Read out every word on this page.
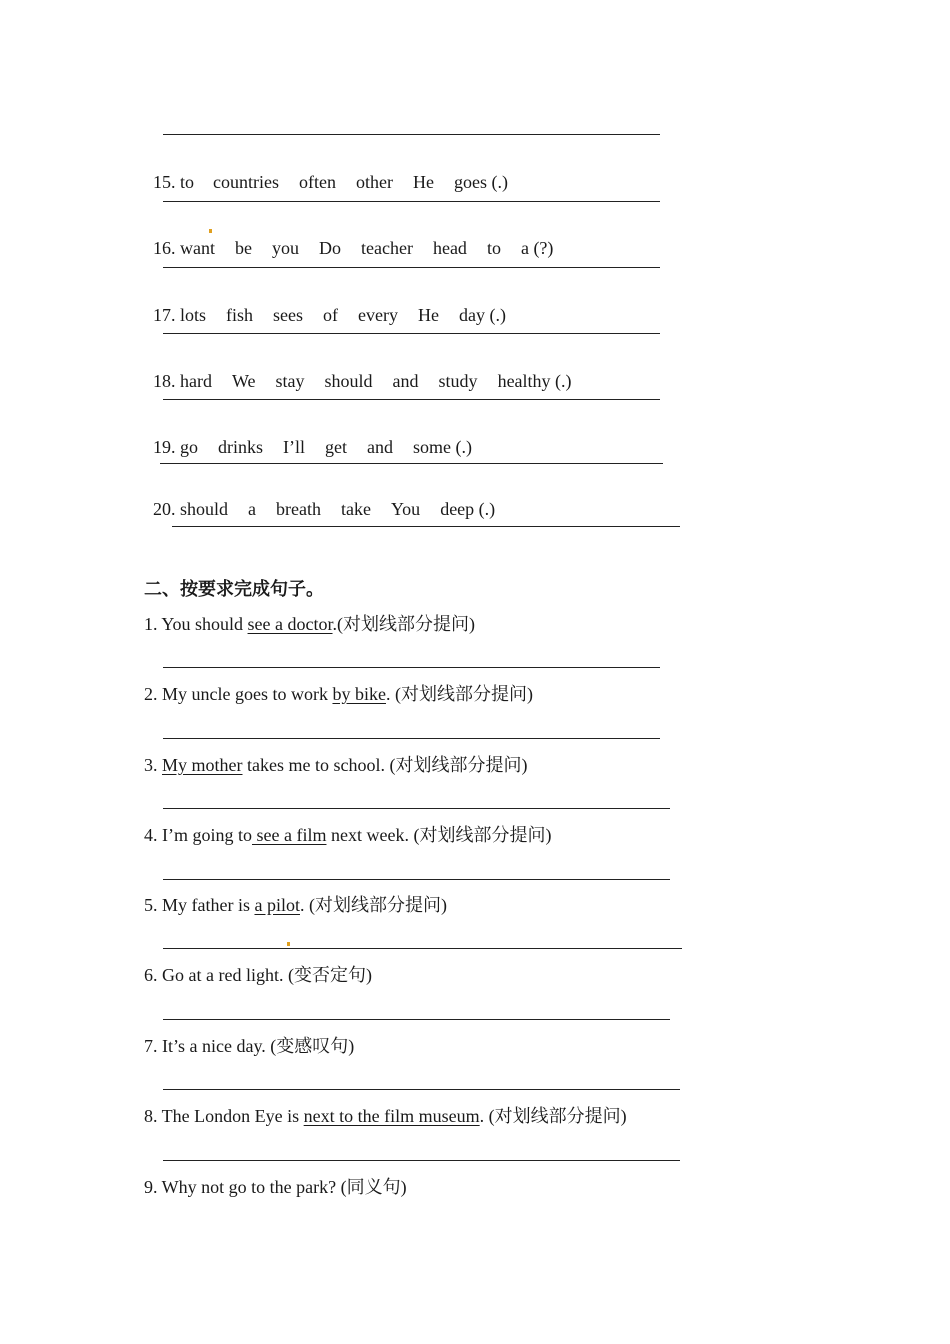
15. to countries often other He goes (.)

16. want be you Do teacher head to a (?)

17. lots fish sees of every He day (.)

18. hard We stay should and study healthy (.)

19. go drinks I’ll get and some (.)

20. should a breath take You deep (.)

二、按要求完成句子。
1. You should see a doctor.(对划线部分提问)
2. My uncle goes to work by bike. (对划线部分提问)
3. My mother takes me to school. (对划线部分提问)
4. I’m going to see a film next week. (对划线部分提问)
5. My father is a pilot. (对划线部分提问)
6. Go at a red light. (变否定句)
7. It’s a nice day. (变感叹句)
8. The London Eye is next to the film museum. (对划线部分提问)
9. Why not go to the park? (同义句)
